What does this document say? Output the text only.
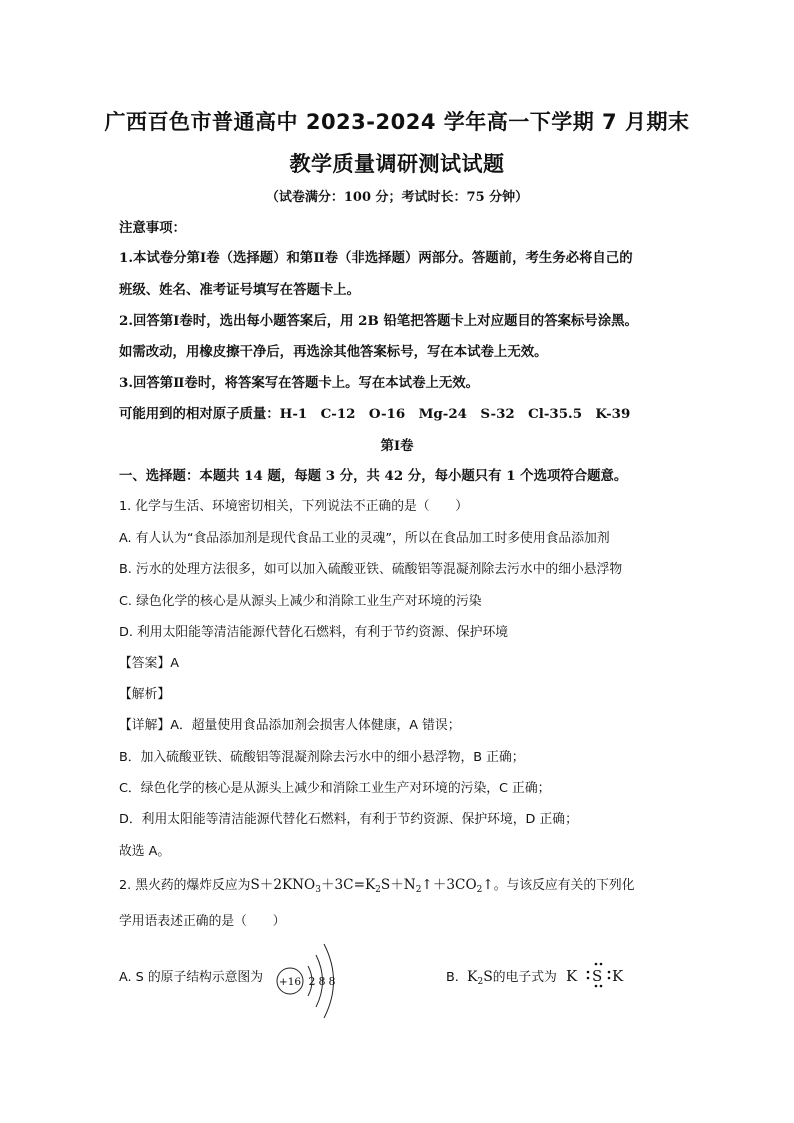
广西百色市普通高中 2023-2024 学年高一下学期 7 月期末
教学质量调研测试试题
（试卷满分：100 分；考试时长：75 分钟）
注意事项：
1.本试卷分第Ⅰ卷（选择题）和第Ⅱ卷（非选择题）两部分。答题前，考生务必将自己的
班级、姓名、准考证号填写在答题卡上。
2.回答第Ⅰ卷时，选出每小题答案后，用 2B 铅笔把答题卡上对应题目的答案标号涂黑。
如需改动，用橡皮擦干净后，再选涂其他答案标号，写在本试卷上无效。
3.回答第Ⅱ卷时，将答案写在答题卡上。写在本试卷上无效。
可能用到的相对原子质量：H-1　C-12　O-16　Mg-24　S-32　Cl-35.5　K-39
第Ⅰ卷
一、选择题：本题共 14 题，每题 3 分，共 42 分，每小题只有 1 个选项符合题意。
1. 化学与生活、环境密切相关，下列说法不正确的是（　　）
A. 有人认为“食品添加剂是现代食品工业的灵魂”，所以在食品加工时多使用食品添加剂
B. 污水的处理方法很多，如可以加入硫酸亚铁、硫酸铝等混凝剂除去污水中的细小悬浮物
C. 绿色化学的核心是从源头上减少和消除工业生产对环境的污染
D. 利用太阳能等清洁能源代替化石燃料，有利于节约资源、保护环境
【答案】A
【解析】
【详解】A．超量使用食品添加剂会损害人体健康，A 错误；
B．加入硫酸亚铁、硫酸铝等混凝剂除去污水中的细小悬浮物，B 正确；
C．绿色化学的核心是从源头上减少和消除工业生产对环境的污染，C 正确；
D．利用太阳能等清洁能源代替化石燃料，有利于节约资源、保护环境，D 正确；
故选 A。
2. 黑火药的爆炸反应为$S+2KNO_3+3C=K_2S+N_2↑+3CO_2↑$。与该反应有关的下列化
学用语表述正确的是（　　）
A. S 的原子结构示意图为 +16 2 8 8	B. $K_2S$的电子式为 K S K
